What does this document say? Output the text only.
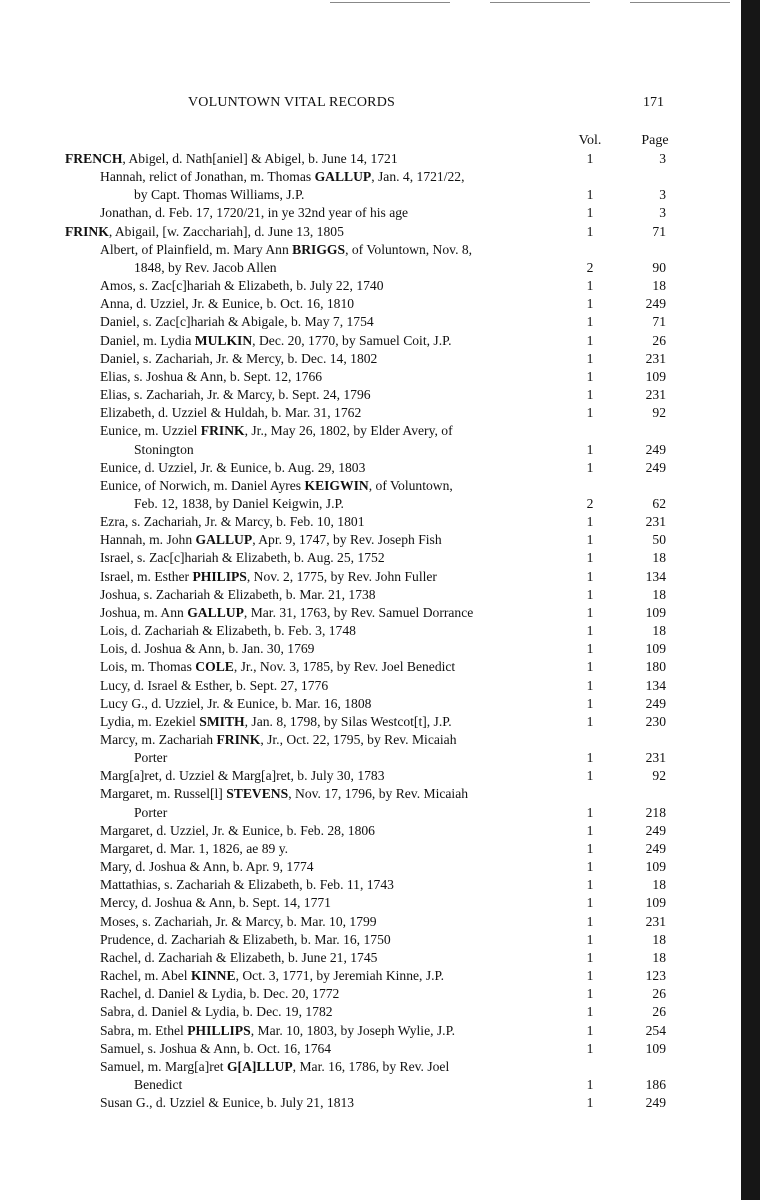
VOLUNTOWN VITAL RECORDS	171
Vol.	Page
FRENCH, Abigel, d. Nath[aniel] & Abigel, b. June 14, 1721	1	3
Hannah, relict of Jonathan, m. Thomas GALLUP, Jan. 4, 1721/22,
by Capt. Thomas Williams, J.P.	1	3
Jonathan, d. Feb. 17, 1720/21, in ye 32nd year of his age	1	3
FRINK, Abigail, [w. Zacchariah], d. June 13, 1805	1	71
Albert, of Plainfield, m. Mary Ann BRIGGS, of Voluntown, Nov. 8,
1848, by Rev. Jacob Allen	2	90
Amos, s. Zac[c]hariah & Elizabeth, b. July 22, 1740	1	18
Anna, d. Uzziel, Jr. & Eunice, b. Oct. 16, 1810	1	249
Daniel, s. Zac[c]hariah & Abigale, b. May 7, 1754	1	71
Daniel, m. Lydia MULKIN, Dec. 20, 1770, by Samuel Coit, J.P.	1	26
Daniel, s. Zachariah, Jr. & Mercy, b. Dec. 14, 1802	1	231
Elias, s. Joshua & Ann, b. Sept. 12, 1766	1	109
Elias, s. Zachariah, Jr. & Marcy, b. Sept. 24, 1796	1	231
Elizabeth, d. Uzziel & Huldah, b. Mar. 31, 1762	1	92
Eunice, m. Uzziel FRINK, Jr., May 26, 1802, by Elder Avery, of
Stonington	1	249
Eunice, d. Uzziel, Jr. & Eunice, b. Aug. 29, 1803	1	249
Eunice, of Norwich, m. Daniel Ayres KEIGWIN, of Voluntown,
Feb. 12, 1838, by Daniel Keigwin, J.P.	2	62
Ezra, s. Zachariah, Jr. & Marcy, b. Feb. 10, 1801	1	231
Hannah, m. John GALLUP, Apr. 9, 1747, by Rev. Joseph Fish	1	50
Israel, s. Zac[c]hariah & Elizabeth, b. Aug. 25, 1752	1	18
Israel, m. Esther PHILIPS, Nov. 2, 1775, by Rev. John Fuller	1	134
Joshua, s. Zachariah & Elizabeth, b. Mar. 21, 1738	1	18
Joshua, m. Ann GALLUP, Mar. 31, 1763, by Rev. Samuel Dorrance	1	109
Lois, d. Zachariah & Elizabeth, b. Feb. 3, 1748	1	18
Lois, d. Joshua & Ann, b. Jan. 30, 1769	1	109
Lois, m. Thomas COLE, Jr., Nov. 3, 1785, by Rev. Joel Benedict	1	180
Lucy, d. Israel & Esther, b. Sept. 27, 1776	1	134
Lucy G., d. Uzziel, Jr. & Eunice, b. Mar. 16, 1808	1	249
Lydia, m. Ezekiel SMITH, Jan. 8, 1798, by Silas Westcot[t], J.P.	1	230
Marcy, m. Zachariah FRINK, Jr., Oct. 22, 1795, by Rev. Micaiah
Porter	1	231
Marg[a]ret, d. Uzziel & Marg[a]ret, b. July 30, 1783	1	92
Margaret, m. Russel[l] STEVENS, Nov. 17, 1796, by Rev. Micaiah
Porter	1	218
Margaret, d. Uzziel, Jr. & Eunice, b. Feb. 28, 1806	1	249
Margaret, d. Mar. 1, 1826, ae 89 y.	1	249
Mary, d. Joshua & Ann, b. Apr. 9, 1774	1	109
Mattathias, s. Zachariah & Elizabeth, b. Feb. 11, 1743	1	18
Mercy, d. Joshua & Ann, b. Sept. 14, 1771	1	109
Moses, s. Zachariah, Jr. & Marcy, b. Mar. 10, 1799	1	231
Prudence, d. Zachariah & Elizabeth, b. Mar. 16, 1750	1	18
Rachel, d. Zachariah & Elizabeth, b. June 21, 1745	1	18
Rachel, m. Abel KINNE, Oct. 3, 1771, by Jeremiah Kinne, J.P.	1	123
Rachel, d. Daniel & Lydia, b. Dec. 20, 1772	1	26
Sabra, d. Daniel & Lydia, b. Dec. 19, 1782	1	26
Sabra, m. Ethel PHILLIPS, Mar. 10, 1803, by Joseph Wylie, J.P.	1	254
Samuel, s. Joshua & Ann, b. Oct. 16, 1764	1	109
Samuel, m. Marg[a]ret G[A]LLUP, Mar. 16, 1786, by Rev. Joel
Benedict	1	186
Susan G., d. Uzziel & Eunice, b. July 21, 1813	1	249
